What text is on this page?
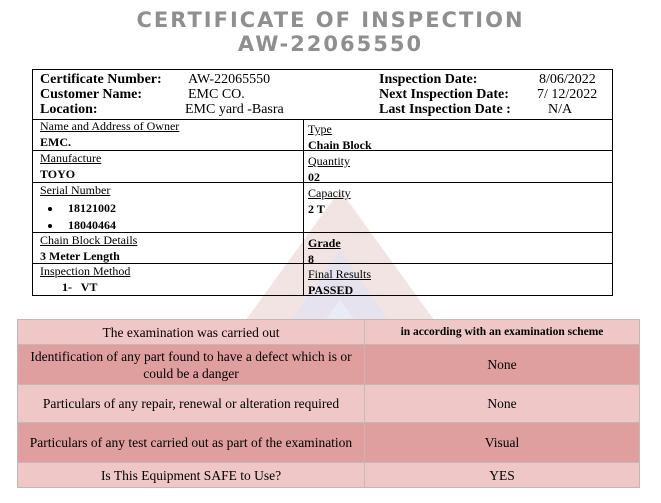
CERTIFICATE OF INSPECTION
AW-22065550
Certificate Number: AW-22065550
Customer Name:	EMC CO.
Location:	EMC yard -Basra
Inspection Date:	8/06/2022
Next Inspection Date: 7/ 12/2022
Last Inspection Date :	N/A
Name and Address of Owner
EMC.
Type
Chain Block
Manufacture
TOYO
Quantity
02
Serial Number
• 18121002
• 18040464
Capacity
2 T
Chain Block Details
3 Meter Length
Grade
8
Inspection Method
1-   VT
Final Results
PASSED
The examination was carried out	in according with an examination scheme
Identification of any part found to have a defect which is or could be a danger	None
Particulars of any repair, renewal or alteration required	None
Particulars of any test carried out as part of the examination	Visual
Is This Equipment SAFE to Use?	YES
